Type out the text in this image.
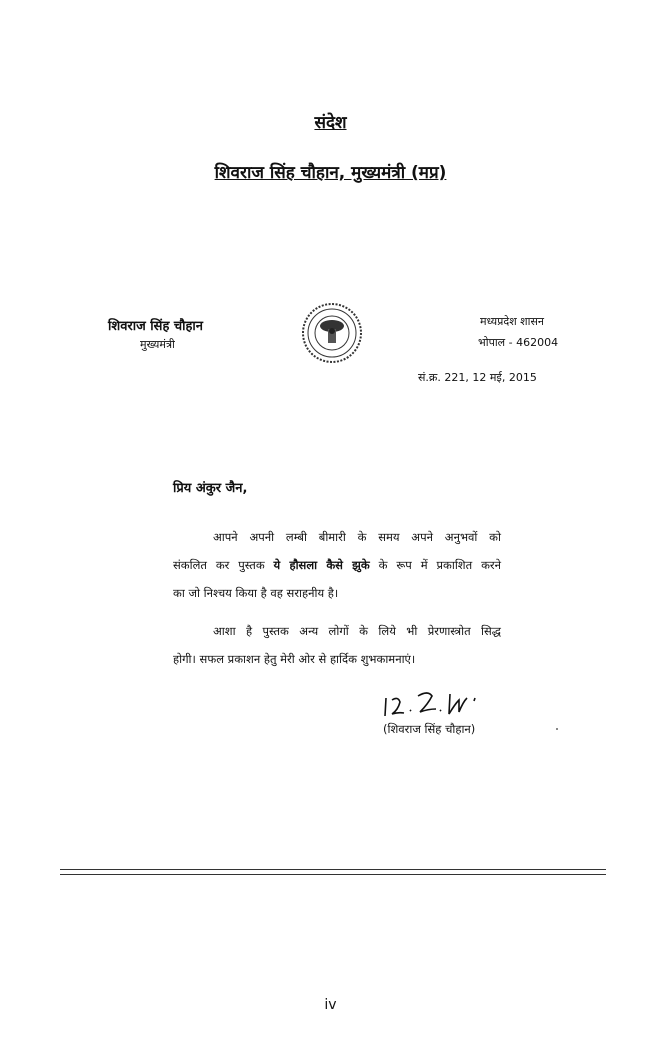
संदेश
शिवराज सिंह चौहान, मुख्यमंत्री (मप्र)
शिवराज सिंह चौहान
मुख्यमंत्री
मध्यप्रदेश शासन
भोपाल - 462004
सं.क्र. 221, 12 मई, 2015
प्रिय अंकुर जैन,
आपने अपनी लम्बी बीमारी के समय अपने अनुभवों को
संकलित कर पुस्तक ये हौसला कैसे झुके के रूप में प्रकाशित करने
का जो निश्चय किया है वह सराहनीय है।
आशा है पुस्तक अन्य लोगों के लिये भी प्रेरणास्त्रोत सिद्ध
होगी। सफल प्रकाशन हेतु मेरी ओर से हार्दिक शुभकामनाएं।
(शिवराज सिंह चौहान)
iv
